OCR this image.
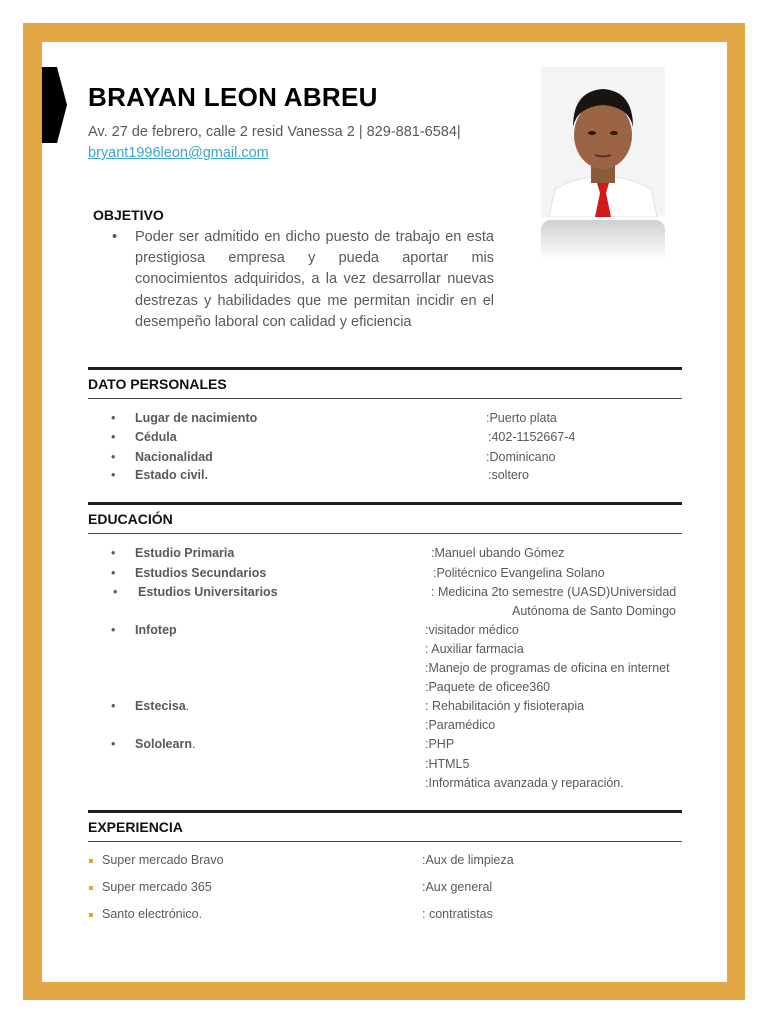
BRAYAN LEON ABREU
Av. 27 de febrero, calle 2 resid Vanessa 2 | 829-881-6584|
bryant1996leon@gmail.com
OBJETIVO
• Poder ser admitido en dicho puesto de trabajo en esta prestigiosa empresa y pueda aportar mis conocimientos adquiridos, a la vez desarrollar nuevas destrezas y habilidades que me permitan incidir en el desempeño laboral con calidad y eficiencia
DATO PERSONALES
• Lugar de nacimiento	:Puerto plata
• Cédula	:402-1152667-4
• Nacionalidad	:Dominicano
• Estado civil.	:soltero
EDUCACIÓN
• Estudio Primaria	:Manuel ubando Gómez
• Estudios Secundarios	:Politécnico Evangelina Solano
• Estudios Universitarios	: Medicina 2to semestre (UASD)Universidad
Autónoma de Santo Domingo
• Infotep	:visitador médico
: Auxiliar farmacia
:Manejo de programas de oficina en internet
:Paquete de oficee360
• Estecisa.	: Rehabilitación y fisioterapia
:Paramédico
• Sololearn.	:PHP
:HTML5
:Informática avanzada y reparación.
EXPERIENCIA
Super mercado Bravo	:Aux de limpieza
Super mercado 365	:Aux general
Santo electrónico.	: contratistas
